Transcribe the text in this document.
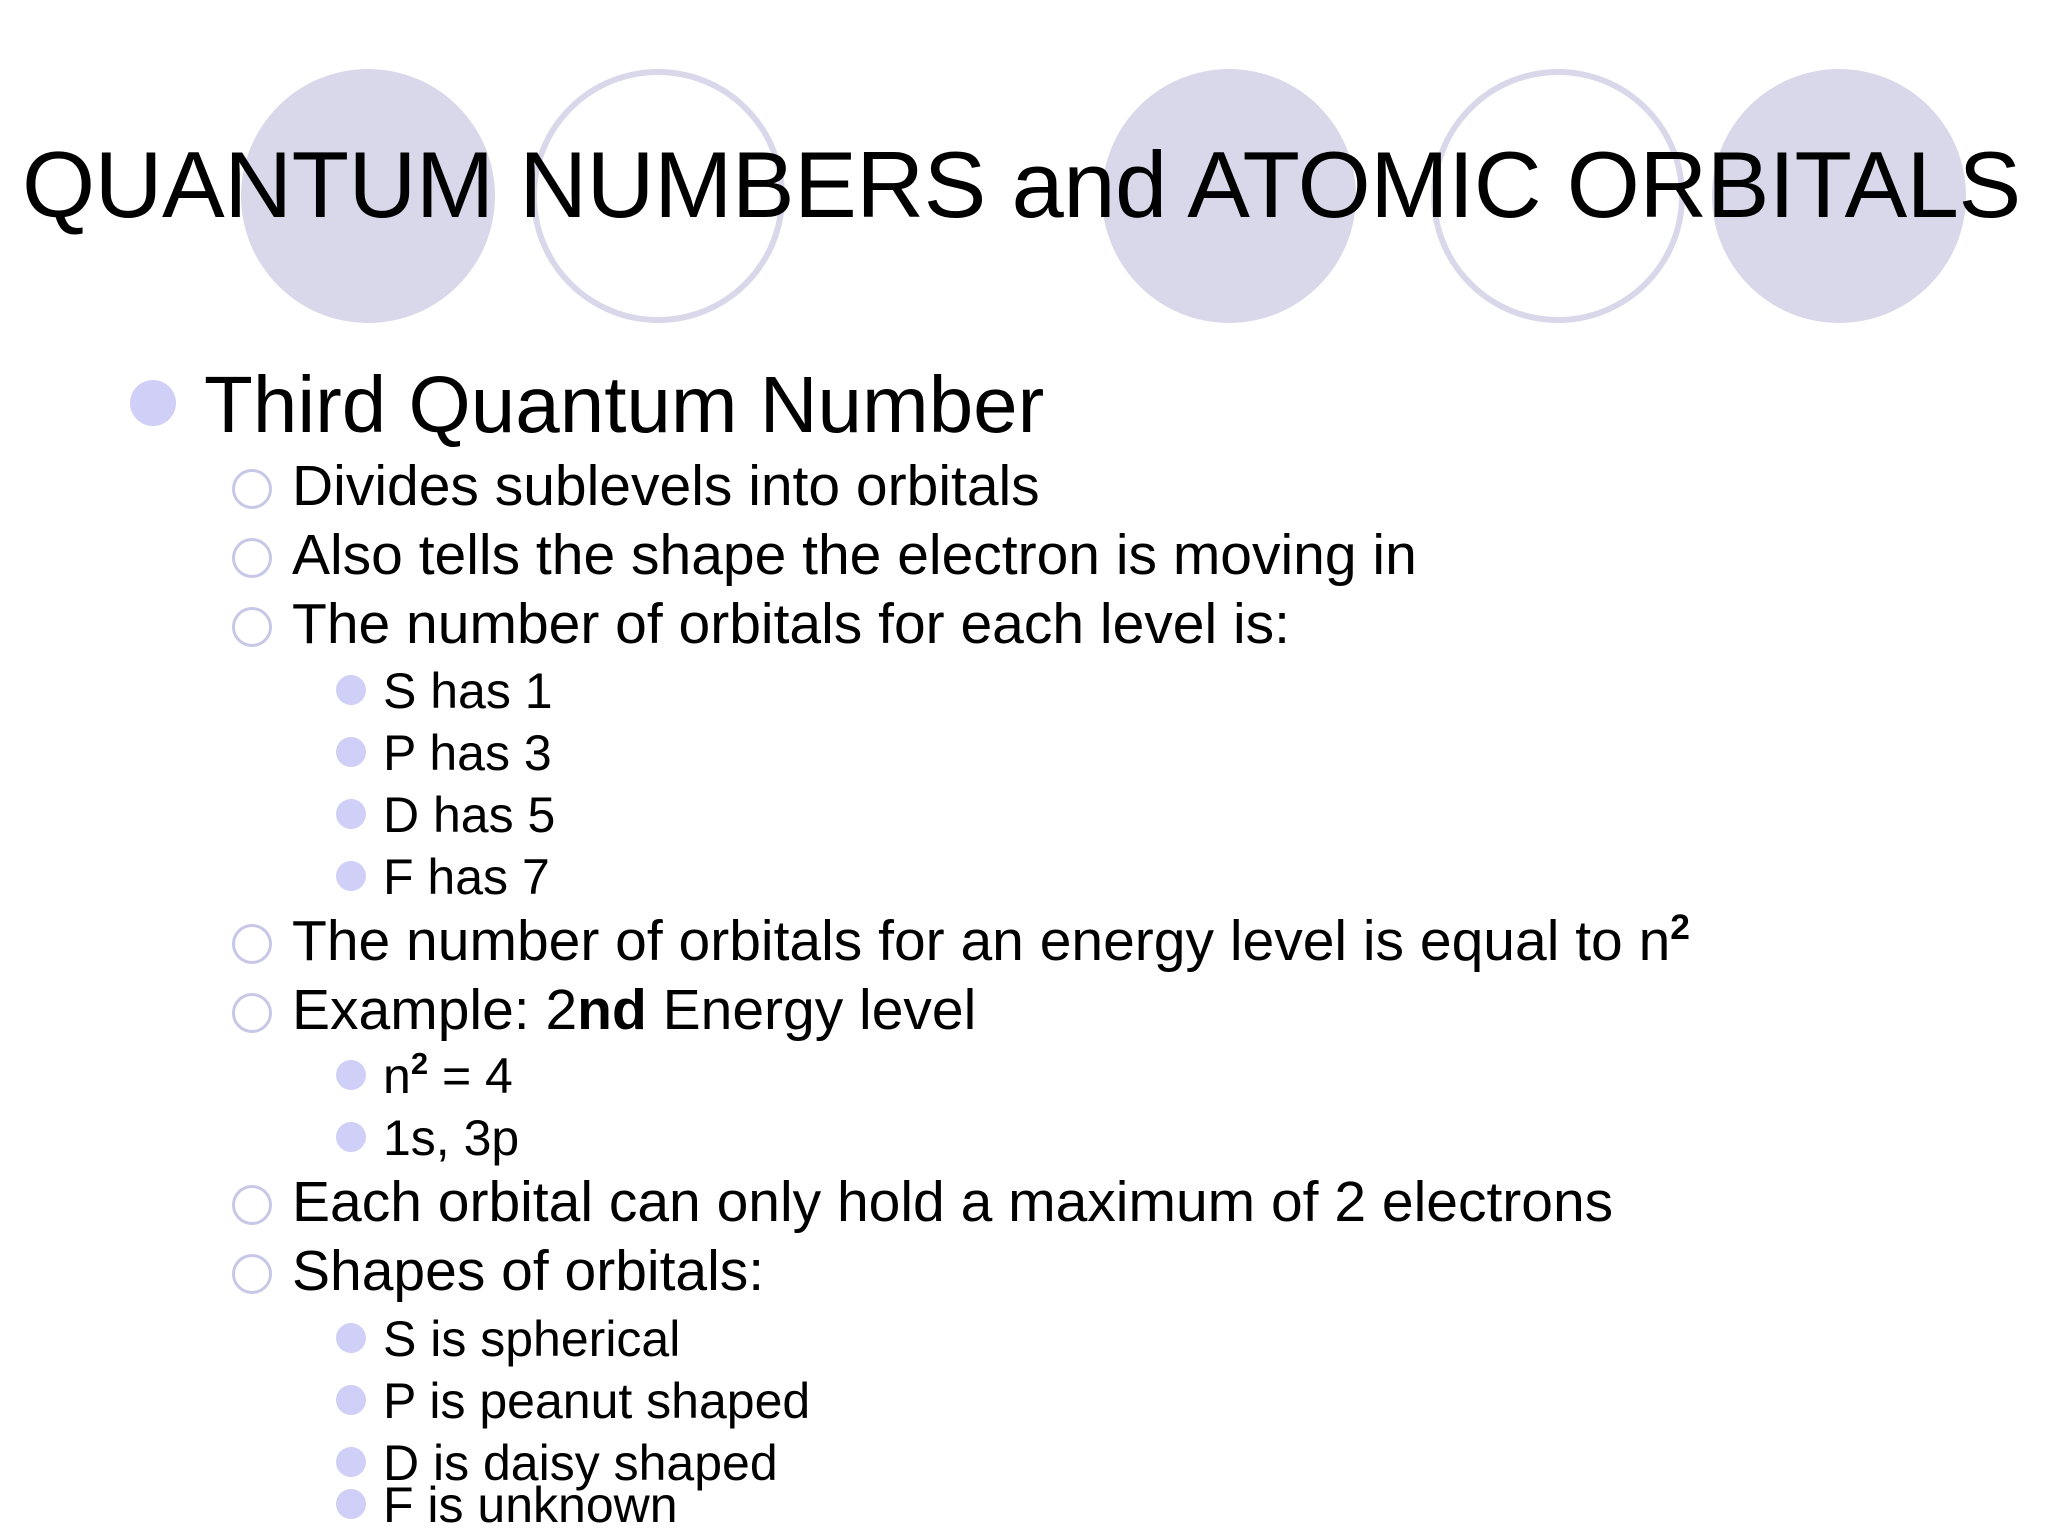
QUANTUM NUMBERS and ATOMIC ORBITALS
Third Quantum Number
Divides sublevels into orbitals
Also tells the shape the electron is moving in
The number of orbitals for each level is:
S has 1
P has 3
D has 5
F has 7
The number of orbitals for an energy level is equal to $n^2$
Example: 2nd Energy level
$n^2 = 4$
1s, 3p
Each orbital can only hold a maximum of 2 electrons
Shapes of orbitals:
S is spherical
P is peanut shaped
D is daisy shaped
F is unknown
